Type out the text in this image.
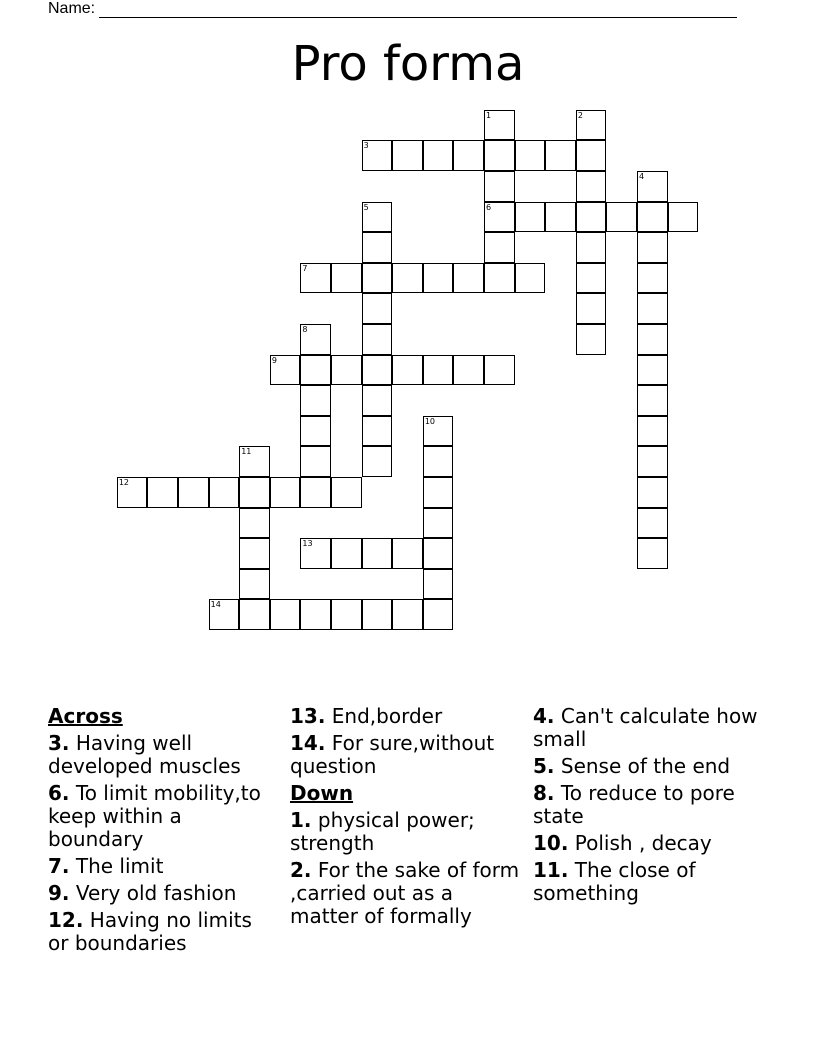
Name:
Pro forma
3
6
7
9
12
13
14
1	2
4
5
8
10
11
Across
3. Having well developed muscles
6. To limit mobility,to keep within a boundary
7. The limit
9. Very old fashion
12. Having no limits or boundaries
13. End,border
14. For sure,without question
Down
1. physical power; strength
2. For the sake of form ,carried out as a matter of formally
4. Can't calculate how small
5. Sense of the end
8. To reduce to pore state
10. Polish , decay
11. The close of something
